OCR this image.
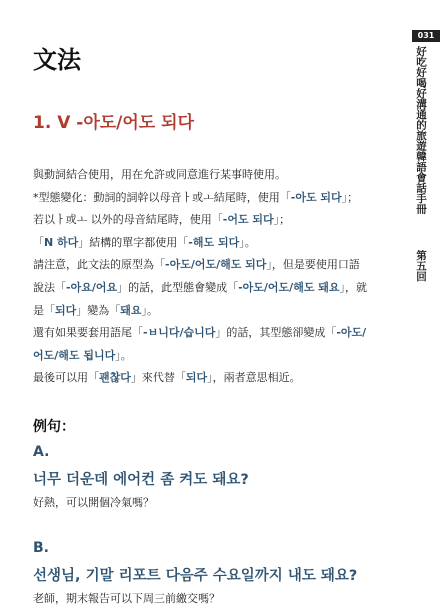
031
好吃好喝好溝通的旅遊韓語會話手冊
第五回
文法
1. V -아도/어도 되다

與動詞結合使用，用在允許或同意進行某事時使用。

*型態變化：動詞的詞幹以母音ㅏ或ㅗ結尾時，使用「-아도 되다」；

若以ㅏ或ㅗ 以外的母音結尾時，使用「-어도 되다」；

「N 하다」結構的單字都使用「-해도 되다」。

請注意，此文法的原型為「-아도/어도/해도 되다」，但是要使用口語

說法「-아요/어요」的話，此型態會變成「-아도/어도/해도 돼요」，就

是「되다」變為「돼요」。

還有如果要套用語尾「-ㅂ니다/습니다」的話，其型態卻變成「-아도/

어도/해도 됩니다」。

最後可以用「괜찮다」來代替「되다」，兩者意思相近。

例句：
A.
너무 더운데 에어컨 좀 켜도 돼요?
好熱，可以開個冷氣嗎？
B.
선생님, 기말 리포트 다음주 수요일까지 내도 돼요?
老師，期末報告可以下周三前繳交嗎？
